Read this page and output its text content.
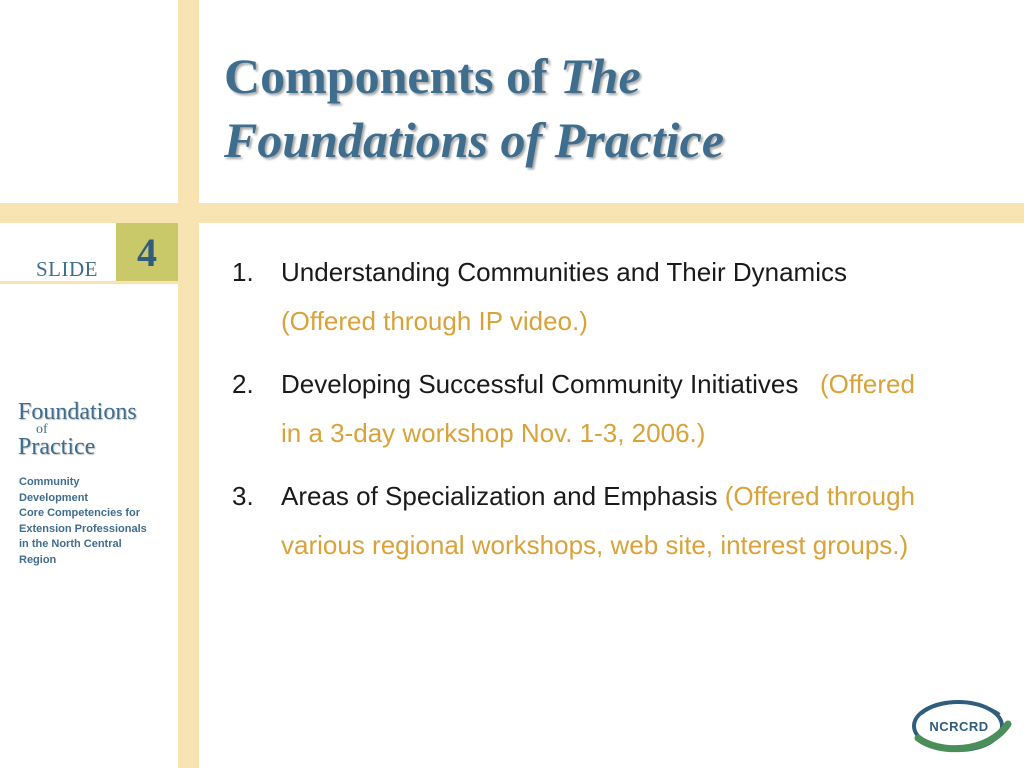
Components of The
Foundations of Practice
SLIDE 4
Foundations
of
Practice
Community
Development
Core Competencies for
Extension Professionals
in the North Central
Region
1. Understanding Communities and Their Dynamics (Offered through IP video.)
2. Developing Successful Community Initiatives (Offered in a 3-day workshop Nov. 1-3, 2006.)
3. Areas of Specialization and Emphasis (Offered through various regional workshops, web site, interest groups.)
NCRCRD
